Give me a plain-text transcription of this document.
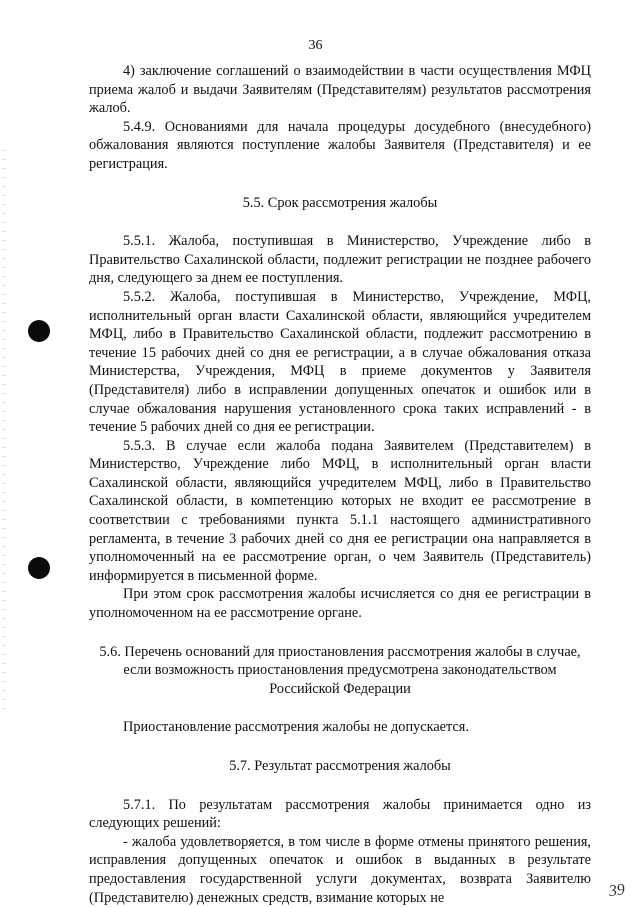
36

4) заключение соглашений о взаимодействии в части осуществления МФЦ приема жалоб и выдачи Заявителям (Представителям) результатов рассмотрения жалоб.

5.4.9. Основаниями для начала процедуры досудебного (внесудебного) обжалования являются поступление жалобы Заявителя (Представителя) и ее регистрация.

5.5. Срок рассмотрения жалобы

5.5.1. Жалоба, поступившая в Министерство, Учреждение либо в Правительство Сахалинской области, подлежит регистрации не позднее рабочего дня, следующего за днем ее поступления.

5.5.2. Жалоба, поступившая в Министерство, Учреждение, МФЦ, исполнительный орган власти Сахалинской области, являющийся учредителем МФЦ, либо в Правительство Сахалинской области, подлежит рассмотрению в течение 15 рабочих дней со дня ее регистрации, а в случае обжалования отказа Министерства, Учреждения, МФЦ в приеме документов у Заявителя (Представителя) либо в исправлении допущенных опечаток и ошибок или в случае обжалования нарушения установленного срока таких исправлений - в течение 5 рабочих дней со дня ее регистрации.

5.5.3. В случае если жалоба подана Заявителем (Представителем) в Министерство, Учреждение либо МФЦ, в исполнительный орган власти Сахалинской области, являющийся учредителем МФЦ, либо в Правительство Сахалинской области, в компетенцию которых не входит ее рассмотрение в соответствии с требованиями пункта 5.1.1 настоящего административного регламента, в течение 3 рабочих дней со дня ее регистрации она направляется в уполномоченный на ее рассмотрение орган, о чем Заявитель (Представитель) информируется в письменной форме.

При этом срок рассмотрения жалобы исчисляется со дня ее регистрации в уполномоченном на ее рассмотрение органе.

5.6. Перечень оснований для приостановления рассмотрения жалобы в случае, если возможность приостановления предусмотрена законодательством Российской Федерации

Приостановление рассмотрения жалобы не допускается.

5.7. Результат рассмотрения жалобы

5.7.1. По результатам рассмотрения жалобы принимается одно из следующих решений:

- жалоба удовлетворяется, в том числе в форме отмены принятого решения, исправления допущенных опечаток и ошибок в выданных в результате предоставления государственной услуги документах, возврата Заявителю (Представителю) денежных средств, взимание которых не	39
